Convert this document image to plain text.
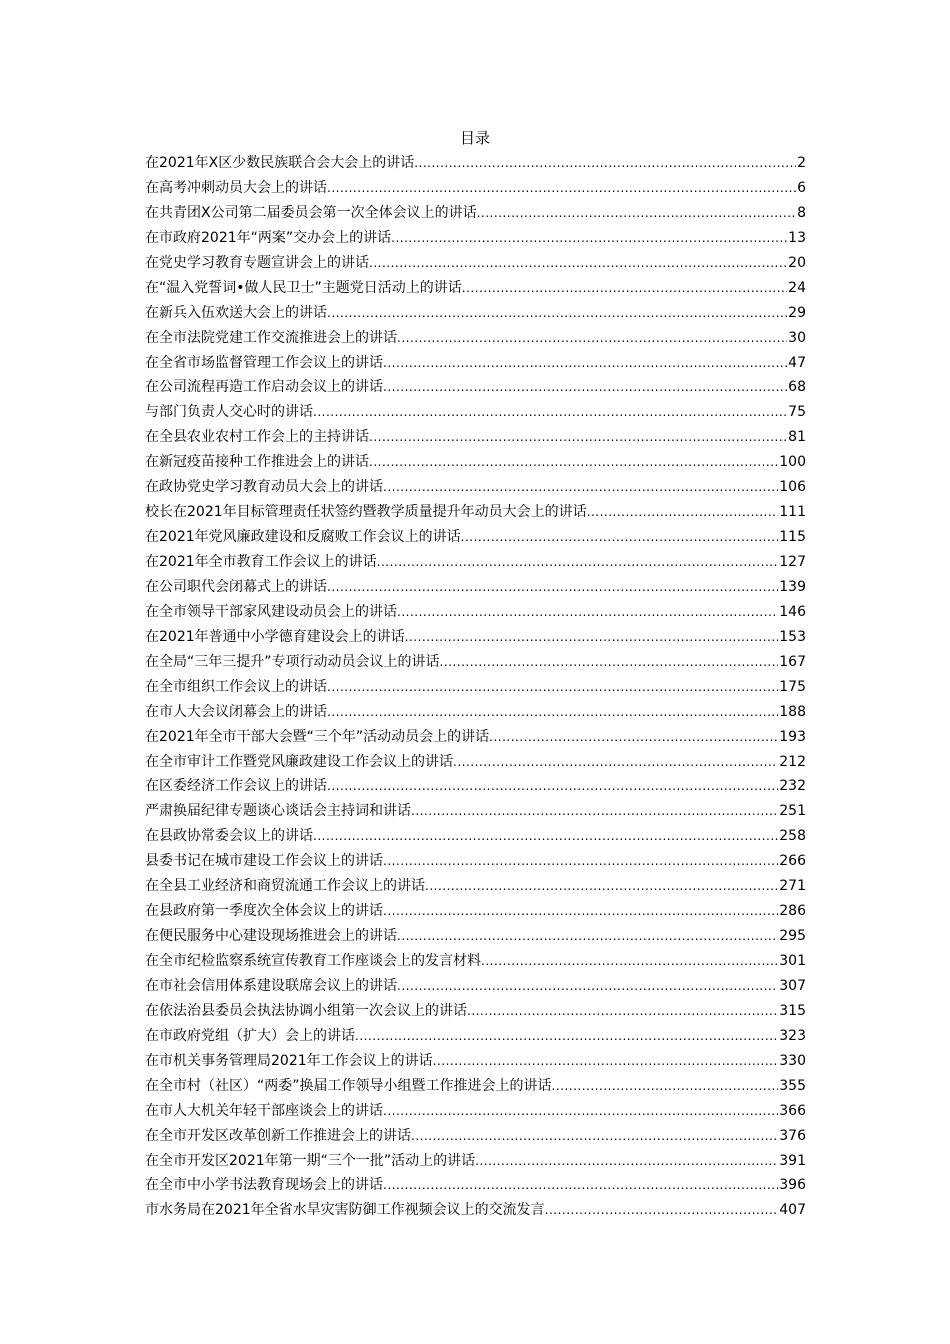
目录
在2021年X区少数民族联合会大会上的讲话 .....	2
在高考冲刺动员大会上的讲话 .....	6
在共青团X公司第二届委员会第一次全体会议上的讲话 .....	8
在市政府2021年“两案”交办会上的讲话 .....	13
在党史学习教育专题宣讲会上的讲话 .....	20
在“温入党誓词•做人民卫士”主题党日活动上的讲话 .....	24
在新兵入伍欢送大会上的讲话 .....	29
在全市法院党建工作交流推进会上的讲话 .....	30
在全省市场监督管理工作会议上的讲话 .....	47
在公司流程再造工作启动会议上的讲话 .....	68
与部门负责人交心时的讲话 .....	75
在全县农业农村工作会上的主持讲话 .....	81
在新冠疫苗接种工作推进会上的讲话 .....	100
在政协党史学习教育动员大会上的讲话 .....	106
校长在2021年目标管理责任状签约暨教学质量提升年动员大会上的讲话 .....	111
在2021年党风廉政建设和反腐败工作会议上的讲话 .....	115
在2021年全市教育工作会议上的讲话 .....	127
在公司职代会闭幕式上的讲话 .....	139
在全市领导干部家风建设动员会上的讲话 .....	146
在2021年普通中小学德育建设会上的讲话 .....	153
在全局“三年三提升”专项行动动员会议上的讲话 .....	167
在全市组织工作会议上的讲话 .....	175
在市人大会议闭幕会上的讲话 .....	188
在2021年全市干部大会暨“三个年”活动动员会上的讲话 .....	193
在全市审计工作暨党风廉政建设工作会议上的讲话 .....	212
在区委经济工作会议上的讲话 .....	232
严肃换届纪律专题谈心谈话会主持词和讲话 .....	251
在县政协常委会议上的讲话 .....	258
县委书记在城市建设工作会议上的讲话 .....	266
在全县工业经济和商贸流通工作会议上的讲话 .....	271
在县政府第一季度次全体会议上的讲话 .....	286
在便民服务中心建设现场推进会上的讲话 .....	295
在全市纪检监察系统宣传教育工作座谈会上的发言材料 .....	301
在市社会信用体系建设联席会议上的讲话 .....	307
在依法治县委员会执法协调小组第一次会议上的讲话 .....	315
在市政府党组（扩大）会上的讲话 .....	323
在市机关事务管理局2021年工作会议上的讲话 .....	330
在全市村（社区）“两委”换届工作领导小组暨工作推进会上的讲话 .....	355
在市人大机关年轻干部座谈会上的讲话 .....	366
在全市开发区改革创新工作推进会上的讲话 .....	376
在全市开发区2021年第一期“三个一批”活动上的讲话 .....	391
在全市中小学书法教育现场会上的讲话 .....	396
市水务局在2021年全省水旱灾害防御工作视频会议上的交流发言 .....	407
